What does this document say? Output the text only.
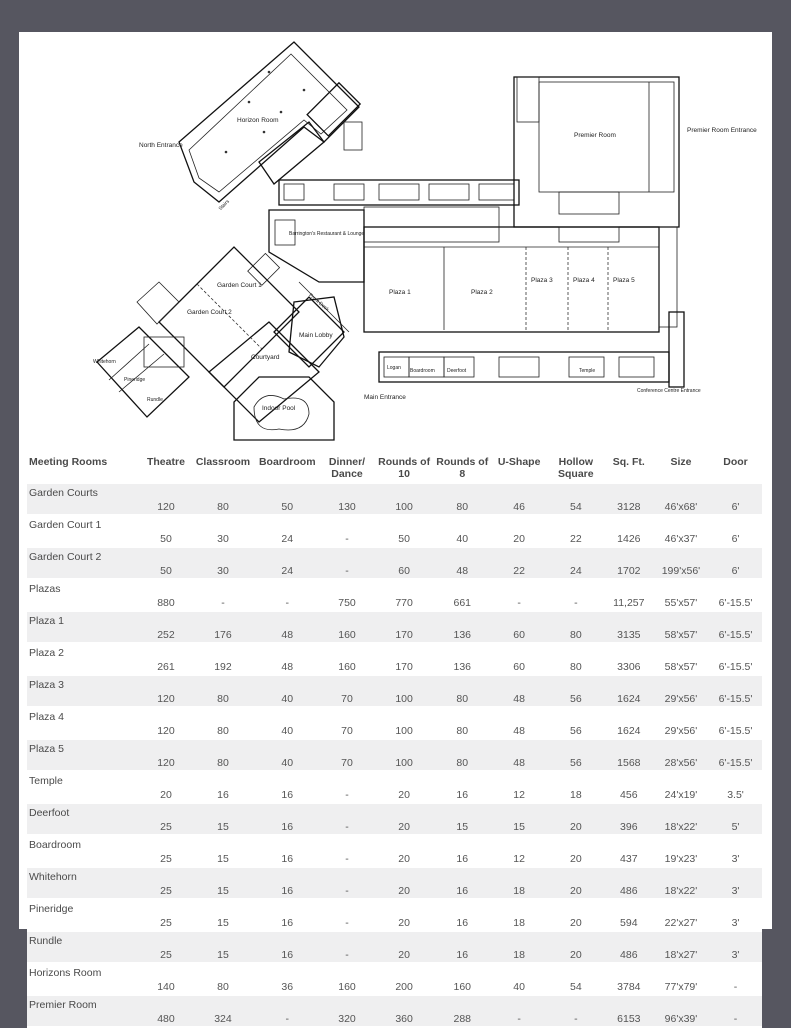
Horizon Room
North Entrance
Premier Room
Premier Room Entrance
Barrington's Restaurant & Lounge
Garden Court 1
Garden Court 2
Plaza 1	Plaza 2
Plaza 3	Plaza 4	Plaza 5
Front Desk
Main Lobby
Courtyard
Whitehorn
Pineridge
Rundle
Indoor Pool
Main Entrance
Logan Boardroom Deerfoot	Temple
Conference Centre Entrance
Stairs
Meeting Rooms	Theatre	Classroom	Boardroom	Dinner/ Dance	Rounds of 10	Rounds of 8	U-Shape	Hollow Square	Sq. Ft.	Size	Door
Garden Courts	120	80	50	130	100	80	46	54	3128	46'x68'	6'
Garden Court 1	50	30	24	-	50	40	20	22	1426	46'x37'	6'
Garden Court 2	50	30	24	-	60	48	22	24	1702	199'x56'	6'
Plazas	880	-	-	750	770	661	-	-	11,257	55'x57'	6'-15.5'
Plaza 1	252	176	48	160	170	136	60	80	3135	58'x57'	6'-15.5'
Plaza 2	261	192	48	160	170	136	60	80	3306	58'x57'	6'-15.5'
Plaza 3	120	80	40	70	100	80	48	56	1624	29'x56'	6'-15.5'
Plaza 4	120	80	40	70	100	80	48	56	1624	29'x56'	6'-15.5'
Plaza 5	120	80	40	70	100	80	48	56	1568	28'x56'	6'-15.5'
Temple	20	16	16	-	20	16	12	18	456	24'x19'	3.5'
Deerfoot	25	15	16	-	20	15	15	20	396	18'x22'	5'
Boardroom	25	15	16	-	20	16	12	20	437	19'x23'	3'
Whitehorn	25	15	16	-	20	16	18	20	486	18'x22'	3'
Pineridge	25	15	16	-	20	16	18	20	594	22'x27'	3'
Rundle	25	15	16	-	20	16	18	20	486	18'x27'	3'
Horizons Room	140	80	36	160	200	160	40	54	3784	77'x79'	-
Premier Room	480	324	-	320	360	288	-	-	6153	96'x39'	-
